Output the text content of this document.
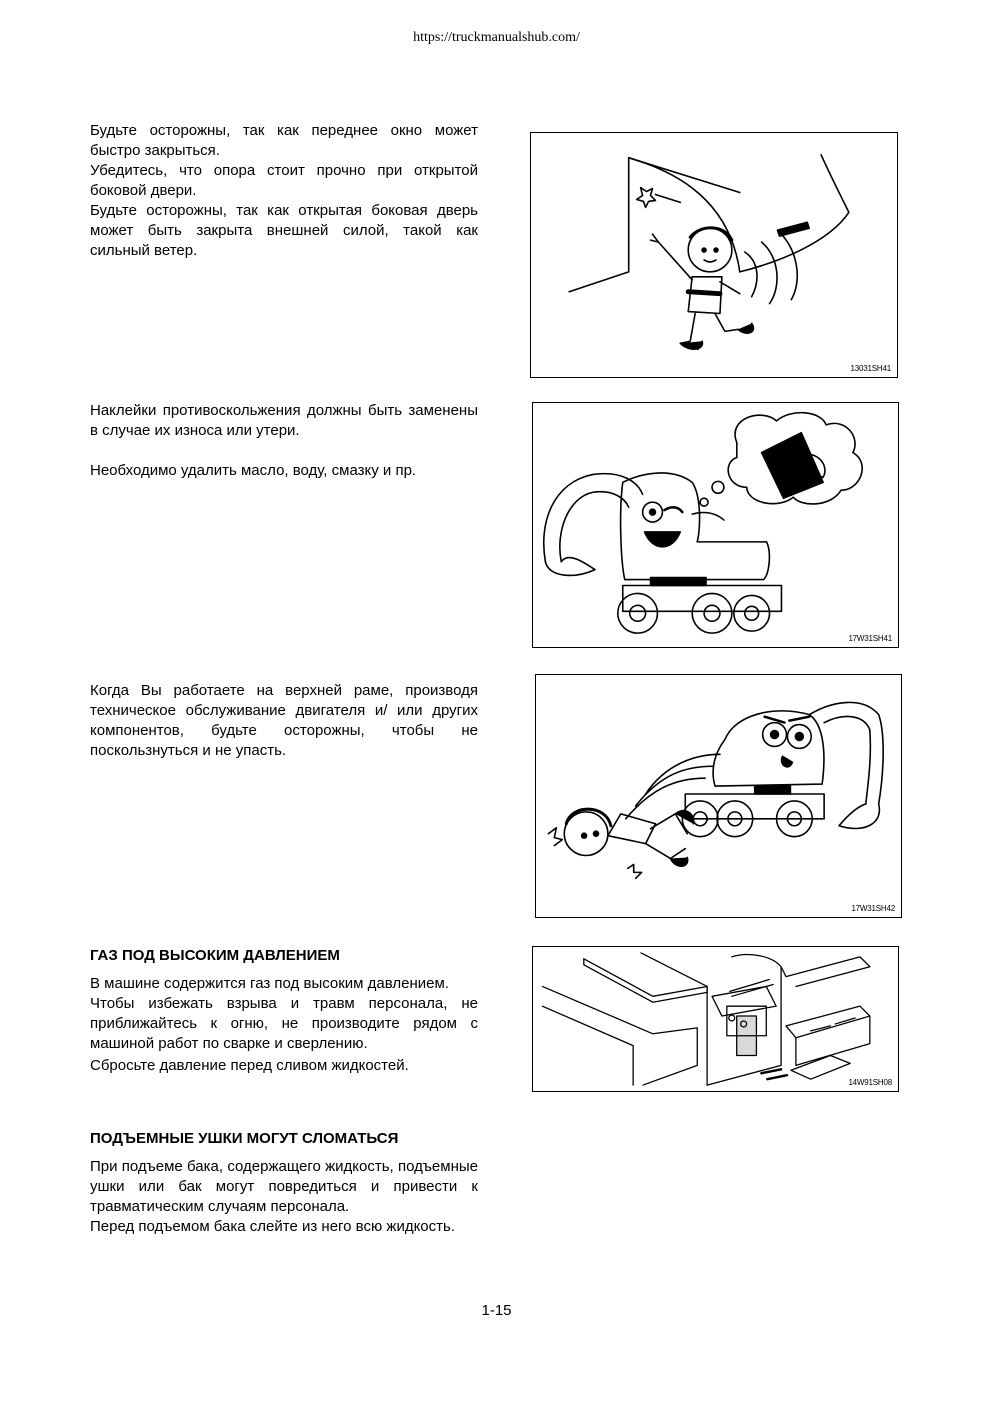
https://truckmanualshub.com/

Будьте осторожны, так как переднее окно может быстро закрыться.

Убедитесь, что опора стоит прочно при открытой боковой двери.

Будьте осторожны, так как открытая боковая дверь может быть закрыта внешней силой, такой как сильный ветер.

Наклейки противоскольжения должны быть заменены в случае их износа или утери.

Необходимо удалить масло, воду, смазку и пр.

Когда Вы работаете на верхней раме, производя техническое обслуживание двигателя и/ или других компонентов, будьте осторожны, чтобы не поскользнуться и не упасть.

ГАЗ ПОД ВЫСОКИМ ДАВЛЕНИЕМ

В машине содержится газ под высоким давлением.

Чтобы избежать взрыва и травм персонала, не приближайтесь к огню, не производите рядом с машиной работ по сварке и сверлению.

Сбросьте давление перед сливом жидкостей.

ПОДЪЕМНЫЕ УШКИ МОГУТ СЛОМАТЬСЯ

При подъеме бака, содержащего жидкость, подъемные ушки или бак могут повредиться и привести к травматическим случаям персонала.

Перед подъемом бака слейте из него всю жидкость.

13031SH41
17W31SH41
17W31SH42
14W91SH08
1-15
